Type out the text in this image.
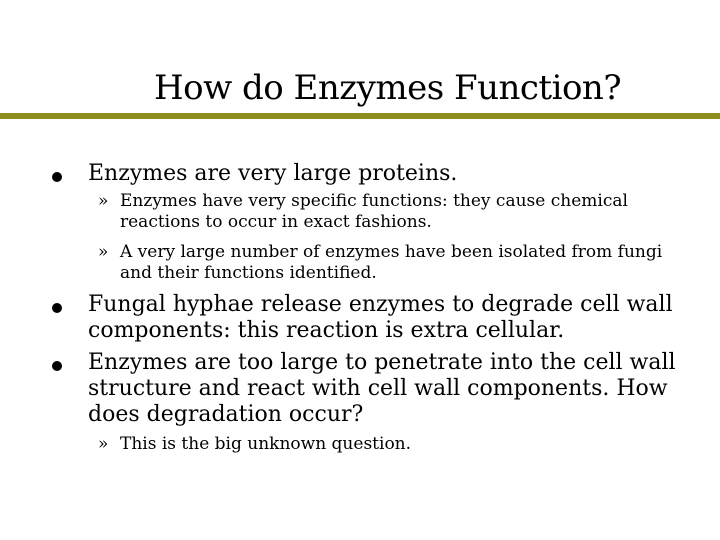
How do Enzymes Function?
Enzymes are very large proteins.
» Enzymes have very specific functions: they cause chemical reactions to occur in exact fashions.
» A very large number of enzymes have been isolated from fungi and their functions identified.
Fungal hyphae release enzymes to degrade cell wall components: this reaction is extra cellular.
Enzymes are too large to penetrate into the cell wall structure and react with cell wall components. How does degradation occur?
» This is the big unknown question.
